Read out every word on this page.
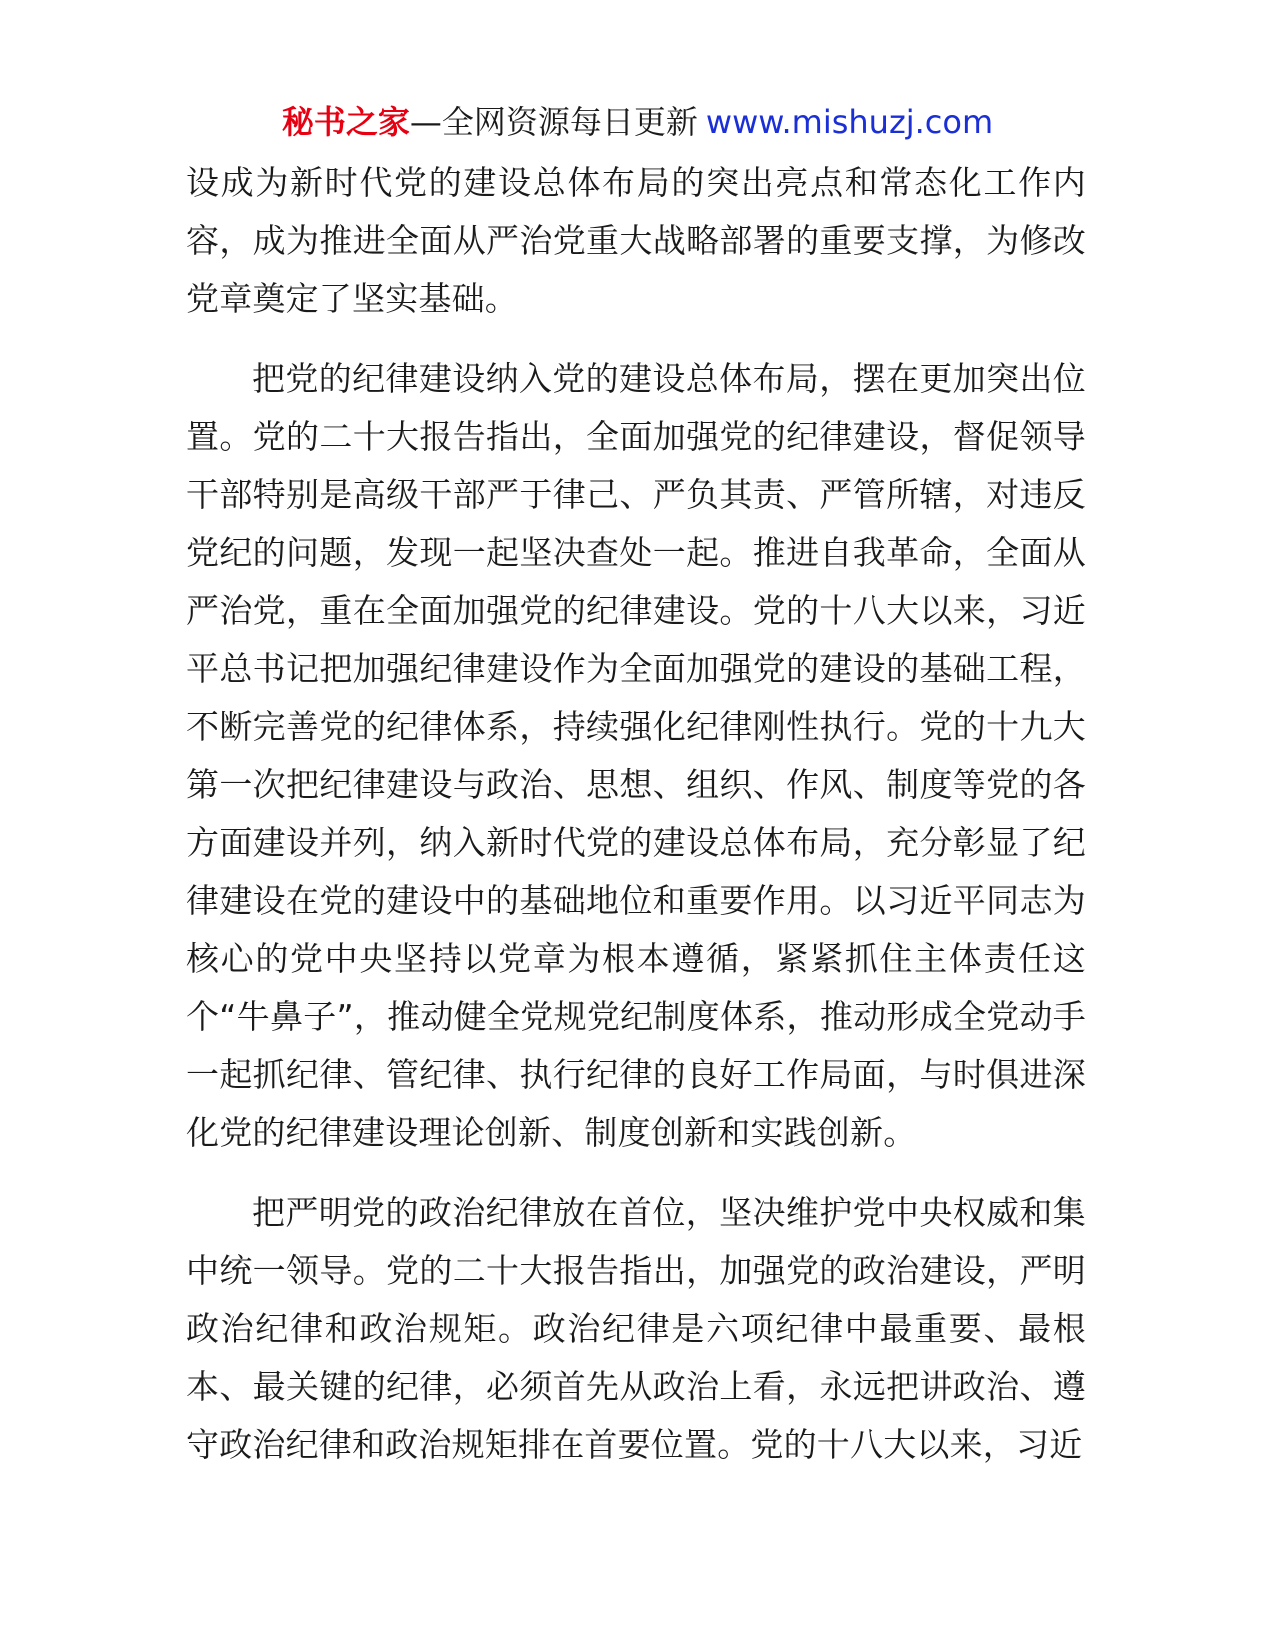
秘书之家—全网资源每日更新 www.mishuzj.com

设成为新时代党的建设总体布局的突出亮点和常态化工作内容，成为推进全面从严治党重大战略部署的重要支撑，为修改党章奠定了坚实基础。

把党的纪律建设纳入党的建设总体布局，摆在更加突出位置。党的二十大报告指出，全面加强党的纪律建设，督促领导干部特别是高级干部严于律己、严负其责、严管所辖，对违反党纪的问题，发现一起坚决查处一起。推进自我革命，全面从严治党，重在全面加强党的纪律建设。党的十八大以来，习近平总书记把加强纪律建设作为全面加强党的建设的基础工程，不断完善党的纪律体系，持续强化纪律刚性执行。党的十九大第一次把纪律建设与政治、思想、组织、作风、制度等党的各方面建设并列，纳入新时代党的建设总体布局，充分彰显了纪律建设在党的建设中的基础地位和重要作用。以习近平同志为核心的党中央坚持以党章为根本遵循，紧紧抓住主体责任这个“牛鼻子”，推动健全党规党纪制度体系，推动形成全党动手一起抓纪律、管纪律、执行纪律的良好工作局面，与时俱进深化党的纪律建设理论创新、制度创新和实践创新。

把严明党的政治纪律放在首位，坚决维护党中央权威和集中统一领导。党的二十大报告指出，加强党的政治建设，严明政治纪律和政治规矩。政治纪律是六项纪律中最重要、最根本、最关键的纪律，必须首先从政治上看，永远把讲政治、遵守政治纪律和政治规矩排在首要位置。党的十八大以来，习近
